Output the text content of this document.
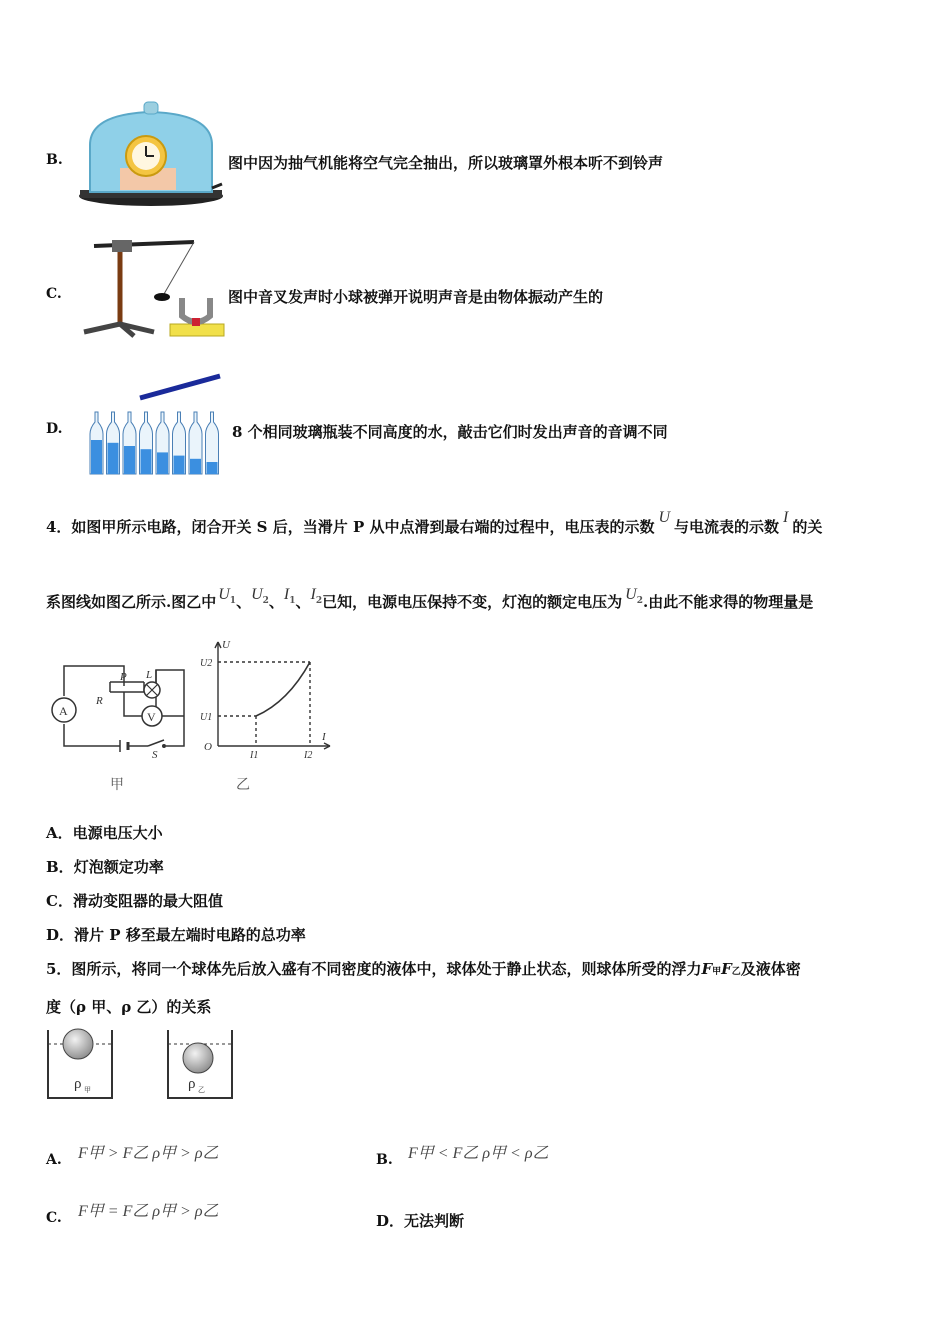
B.	图中因为抽气机能将空气完全抽出，所以玻璃罩外根本听不到铃声
C.	图中音叉发声时小球被弹开说明声音是由物体振动产生的
D.	8 个相同玻璃瓶装不同高度的水，敲击它们时发出声音的音调不同
4．如图甲所示电路，闭合开关 S 后，当滑片 P 从中点滑到最右端的过程中，电压表的示数U与电流表的示数I的关
系图线如图乙所示.图乙中 $U^1$、$U^2$、$I^1$、$I^2$已知，电源电压保持不变，灯泡的额定电压为 $U^2$.由此不能求得的物理量是
A	V
P
R
L
S
甲
U
U2
U1
O
I1	I2
I
乙
A．电源电压大小
B．灯泡额定功率
C．滑动变阻器的最大阻值
D．滑片 P 移至最左端时电路的总功率
5．图所示，将同一个球体先后放入盛有不同密度的液体中，球体处于静止状态，则球体所受的浮力F甲F乙及液体密
度（ρ 甲、ρ 乙）的关系
ρ 甲	ρ 乙
A. F甲 > F乙 ρ甲 > ρ乙	B. F甲 < F乙 ρ甲 < ρ乙
C. F甲 = F乙 ρ甲 > ρ乙
D．无法判断
